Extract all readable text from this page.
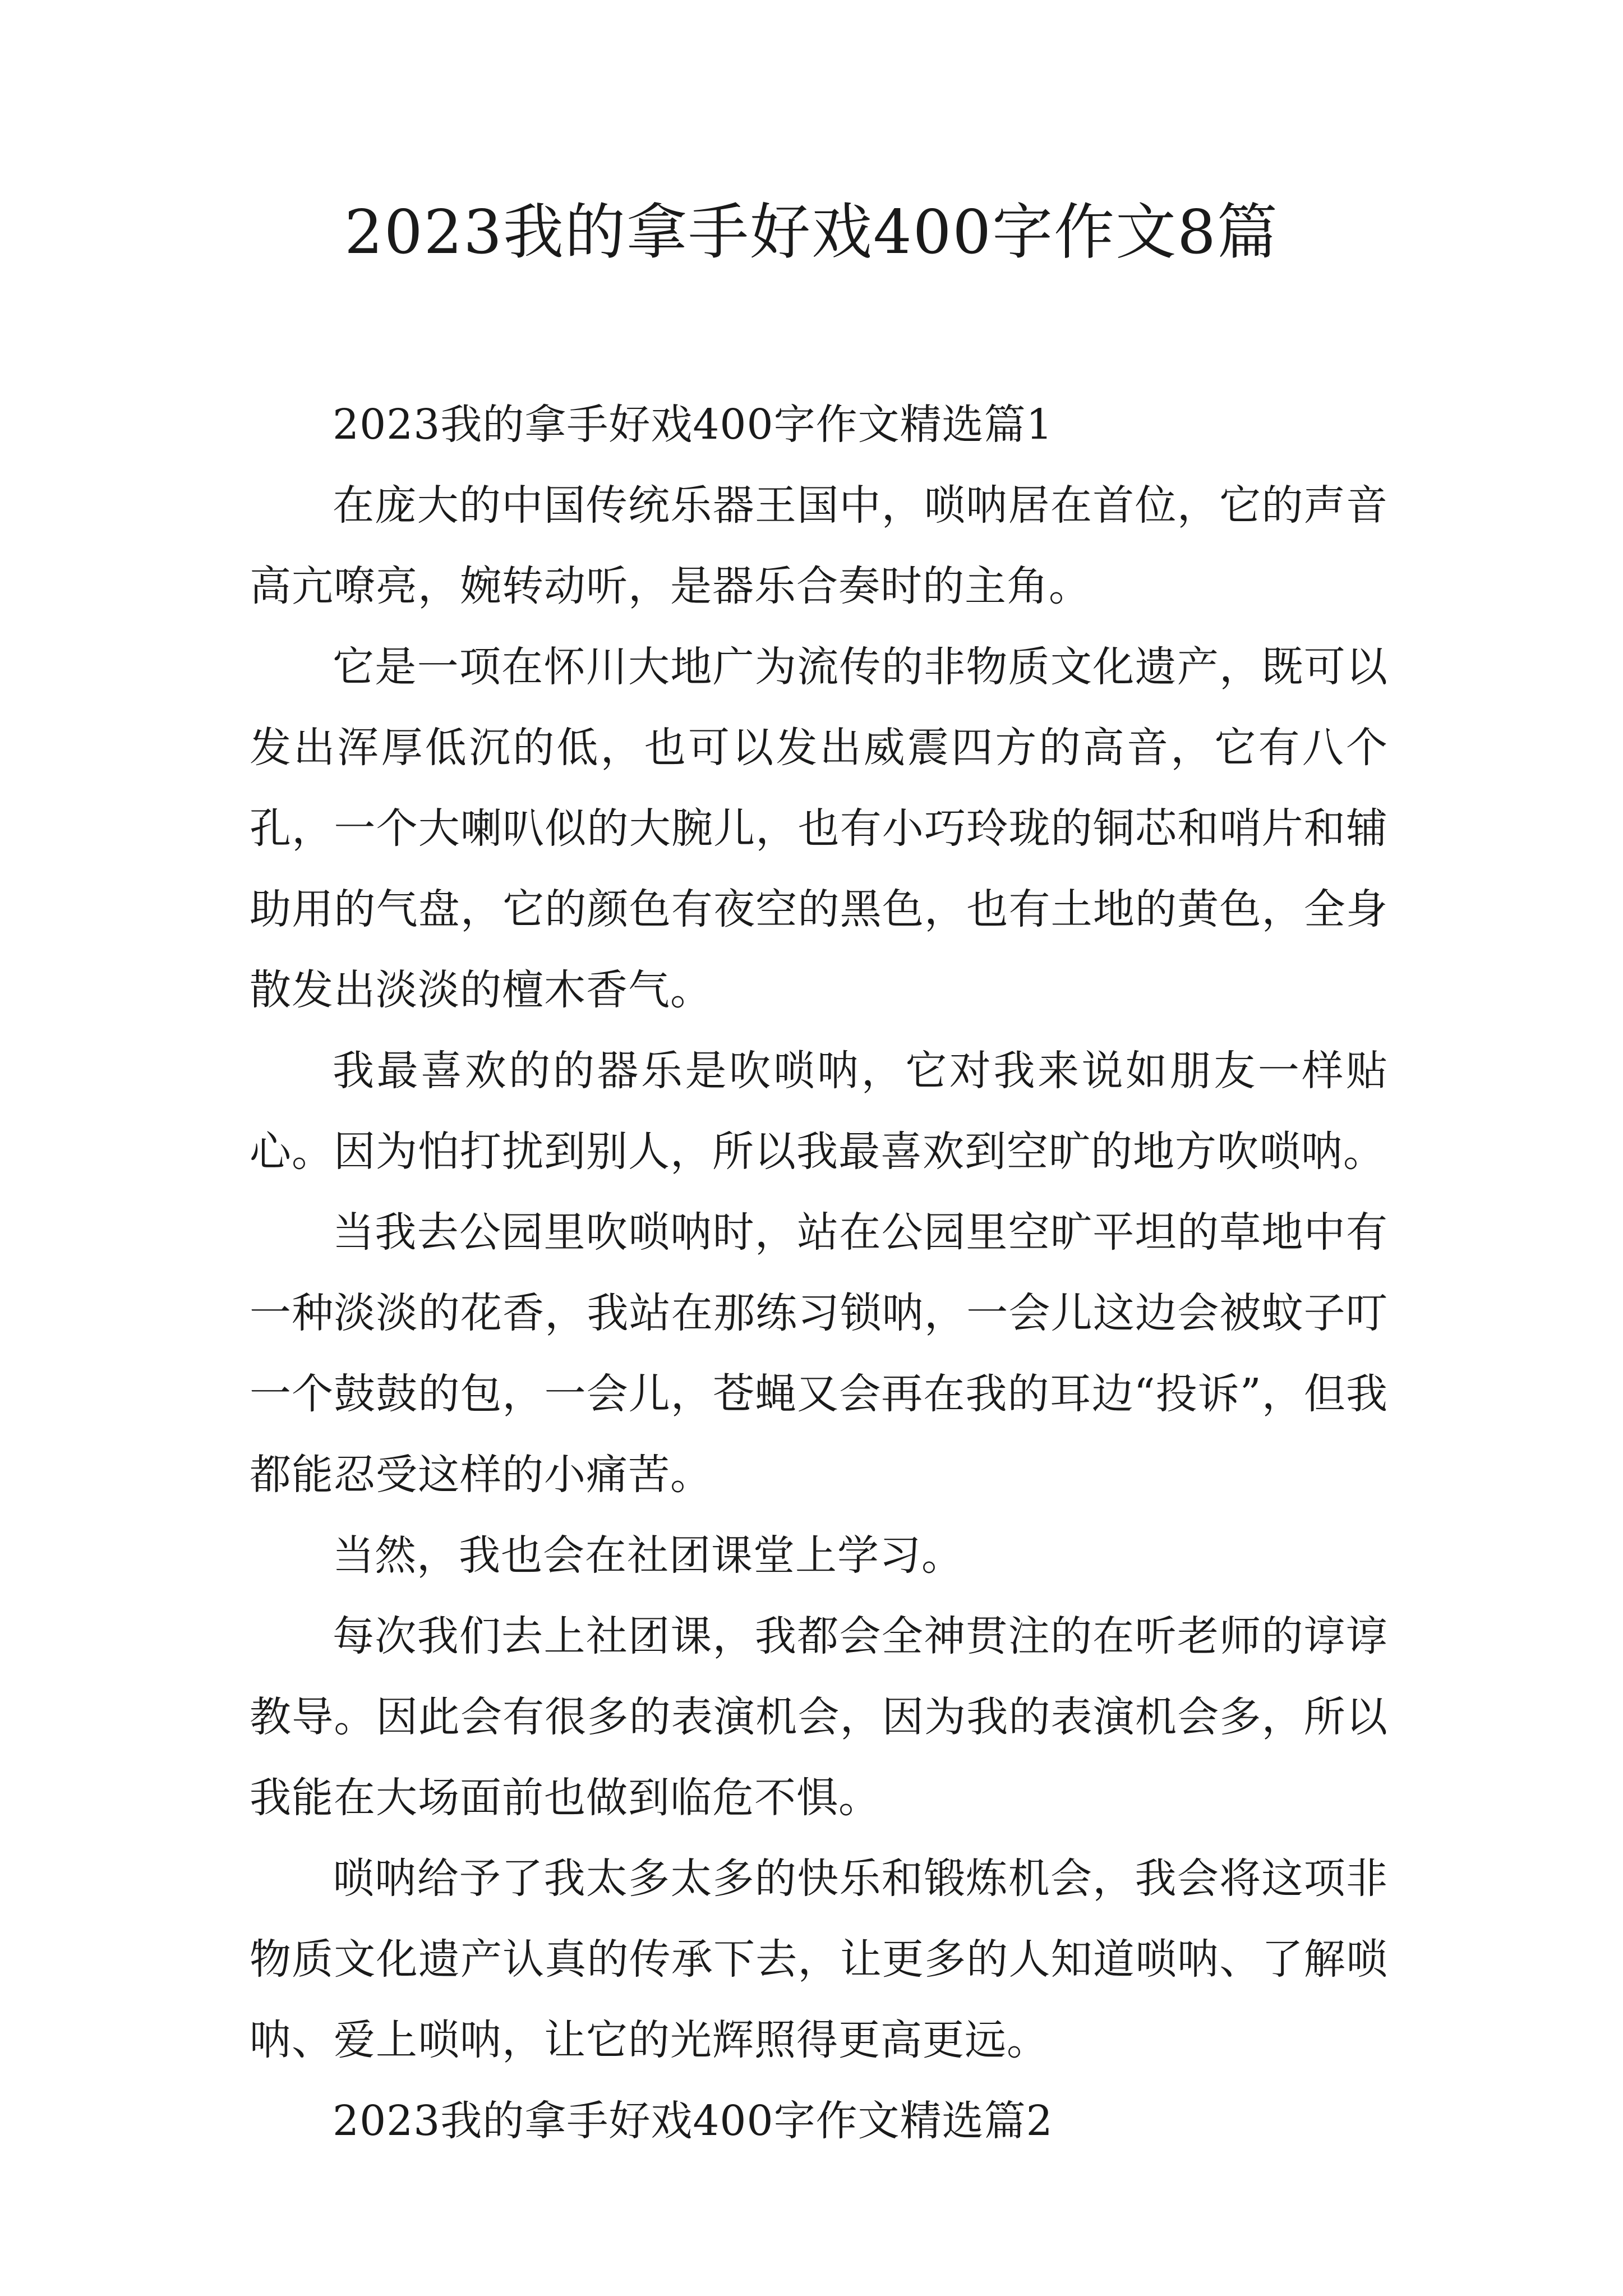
2023我的拿手好戏400字作文8篇

2023我的拿手好戏400字作文精选篇1

在庞大的中国传统乐器王国中，唢呐居在首位，它的声音高亢嘹亮，婉转动听，是器乐合奏时的主角。

它是一项在怀川大地广为流传的非物质文化遗产，既可以发出浑厚低沉的低，也可以发出威震四方的高音，它有八个孔，一个大喇叭似的大腕儿，也有小巧玲珑的铜芯和哨片和辅助用的气盘，它的颜色有夜空的黑色，也有土地的黄色，全身散发出淡淡的檀木香气。

我最喜欢的的器乐是吹唢呐，它对我来说如朋友一样贴心。因为怕打扰到别人，所以我最喜欢到空旷的地方吹唢呐。

当我去公园里吹唢呐时，站在公园里空旷平坦的草地中有一种淡淡的花香，我站在那练习锁呐，一会儿这边会被蚊子叮一个鼓鼓的包，一会儿，苍蝇又会再在我的耳边“投诉”，但我都能忍受这样的小痛苦。

当然，我也会在社团课堂上学习。

每次我们去上社团课，我都会全神贯注的在听老师的谆谆教导。因此会有很多的表演机会，因为我的表演机会多，所以我能在大场面前也做到临危不惧。

唢呐给予了我太多太多的快乐和锻炼机会，我会将这项非物质文化遗产认真的传承下去，让更多的人知道唢呐、了解唢呐、爱上唢呐，让它的光辉照得更高更远。

2023我的拿手好戏400字作文精选篇2
